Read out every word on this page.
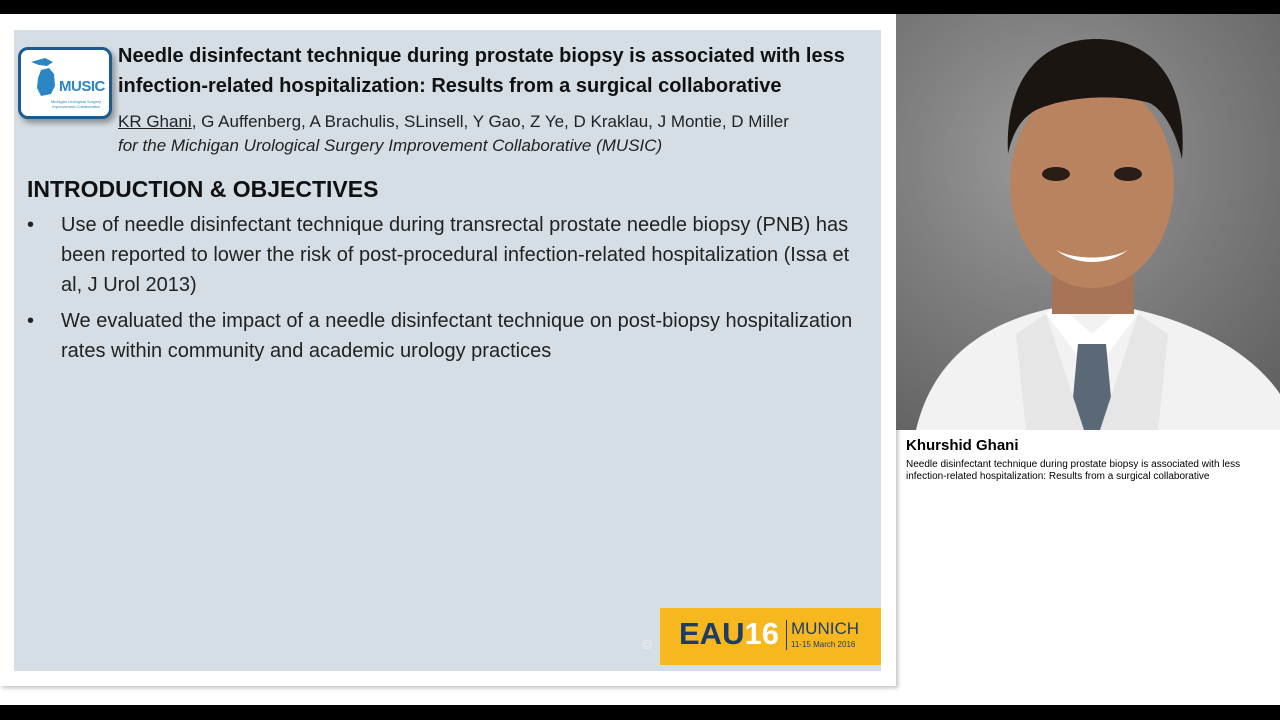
MUSIC
Michigan Urological Surgery Improvement Collaborative
Needle disinfectant technique during prostate biopsy is associated with less infection-related hospitalization: Results from a surgical collaborative
KR Ghani, G Auffenberg, A Brachulis, SLinsell, Y Gao, Z Ye, D Kraklau, J Montie, D Miller
for the Michigan Urological Surgery Improvement Collaborative (MUSIC)
INTRODUCTION & OBJECTIVES
• Use of needle disinfectant technique during transrectal prostate needle biopsy (PNB) has been reported to lower the risk of post-procedural infection-related hospitalization (Issa et al, J Urol 2013)
• We evaluated the impact of a needle disinfectant technique on post-biopsy hospitalization rates within community and academic urology practices
© EAU16 MUNICH
11-15 March 2016
Khurshid Ghani
Needle disinfectant technique during prostate biopsy is associated with less infection-related hospitalization: Results from a surgical collaborative
